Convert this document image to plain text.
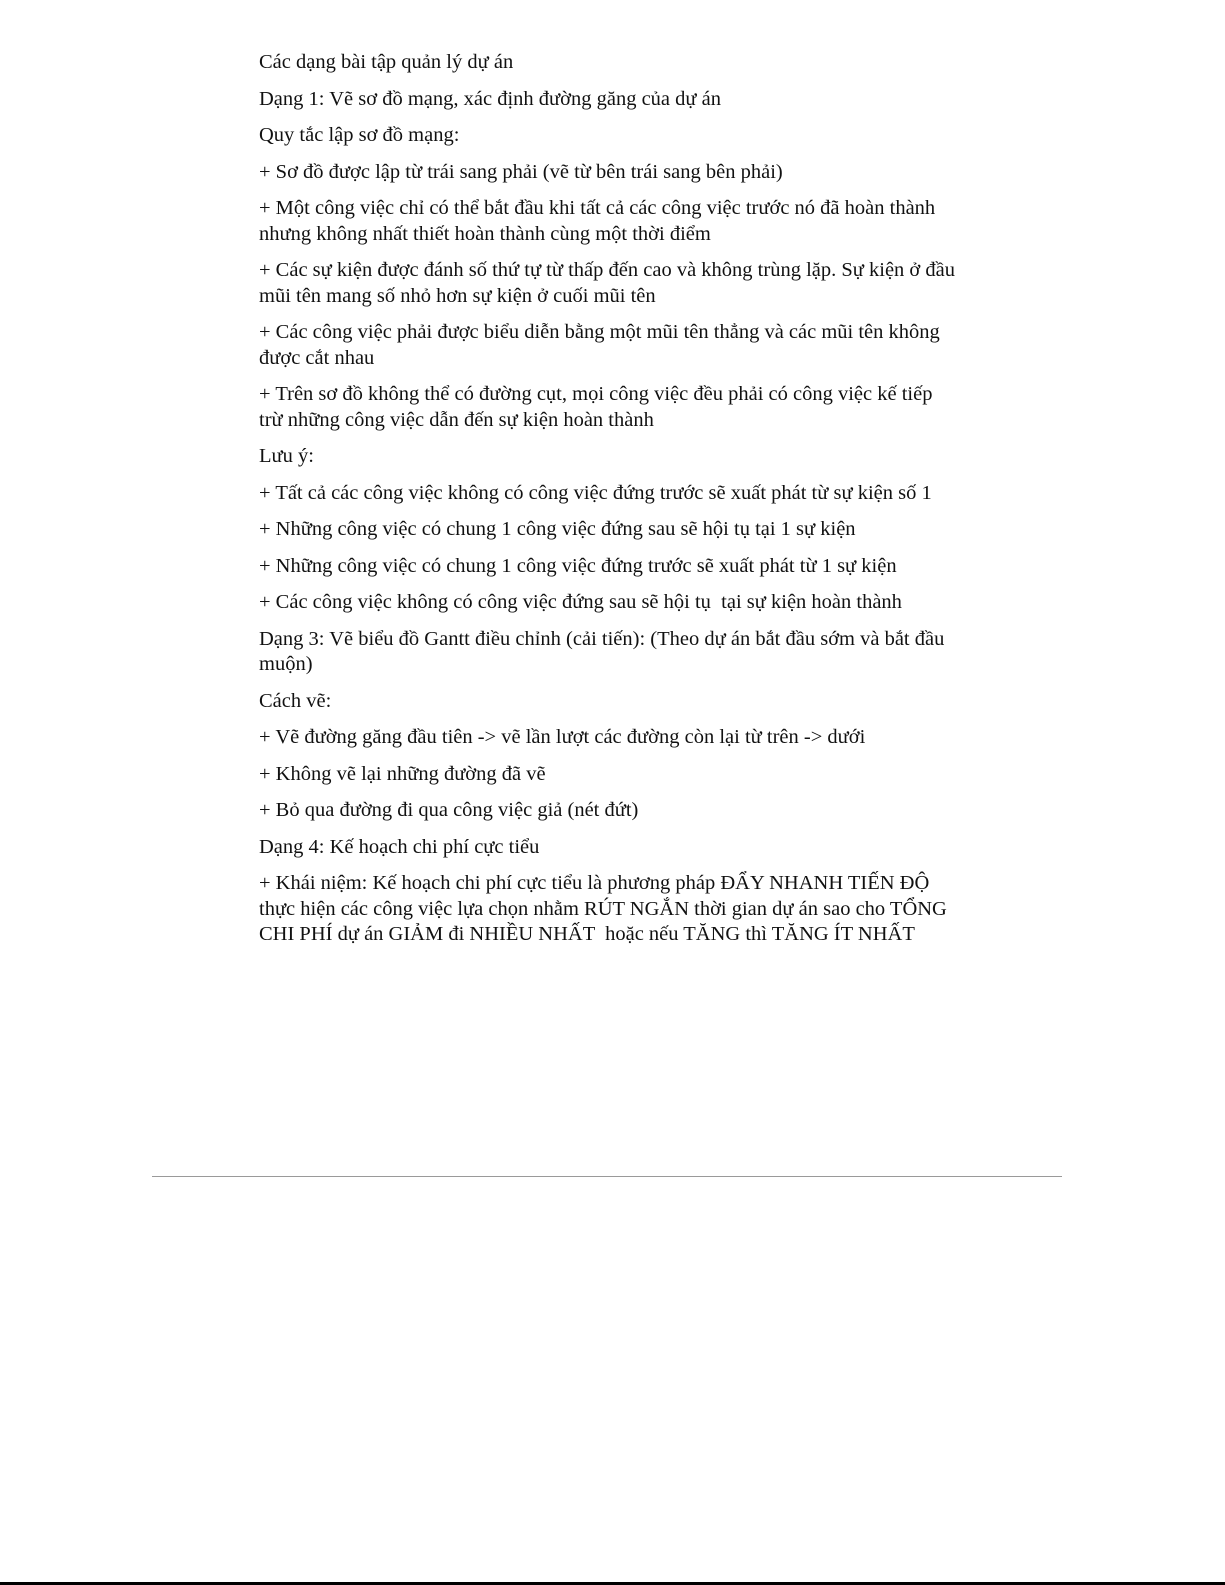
Các dạng bài tập quản lý dự án

Dạng 1: Vẽ sơ đồ mạng, xác định đường găng của dự án

Quy tắc lập sơ đồ mạng:

+ Sơ đồ được lập từ trái sang phải (vẽ từ bên trái sang bên phải)

+ Một công việc chỉ có thể bắt đầu khi tất cả các công việc trước nó đã hoàn thành nhưng không nhất thiết hoàn thành cùng một thời điểm

+ Các sự kiện được đánh số thứ tự từ thấp đến cao và không trùng lặp. Sự kiện ở đầu mũi tên mang số nhỏ hơn sự kiện ở cuối mũi tên

+ Các công việc phải được biểu diễn bằng một mũi tên thẳng và các mũi tên không được cắt nhau

+ Trên sơ đồ không thể có đường cụt, mọi công việc đều phải có công việc kế tiếp trừ những công việc dẫn đến sự kiện hoàn thành

Lưu ý:

+ Tất cả các công việc không có công việc đứng trước sẽ xuất phát từ sự kiện số 1

+ Những công việc có chung 1 công việc đứng sau sẽ hội tụ tại 1 sự kiện

+ Những công việc có chung 1 công việc đứng trước sẽ xuất phát từ 1 sự kiện

+ Các công việc không có công việc đứng sau sẽ hội tụ  tại sự kiện hoàn thành

Dạng 3: Vẽ biểu đồ Gantt điều chỉnh (cải tiến): (Theo dự án bắt đầu sớm và bắt đầu muộn)

Cách vẽ:

+ Vẽ đường găng đầu tiên -> vẽ lần lượt các đường còn lại từ trên -> dưới

+ Không vẽ lại những đường đã vẽ

+ Bỏ qua đường đi qua công việc giả (nét đứt)

Dạng 4: Kế hoạch chi phí cực tiểu

+ Khái niệm: Kế hoạch chi phí cực tiểu là phương pháp ĐẨY NHANH TIẾN ĐỘ thực hiện các công việc lựa chọn nhằm RÚT NGẮN thời gian dự án sao cho TỔNG CHI PHÍ dự án GIẢM đi NHIỀU NHẤT  hoặc nếu TĂNG thì TĂNG ÍT NHẤT
